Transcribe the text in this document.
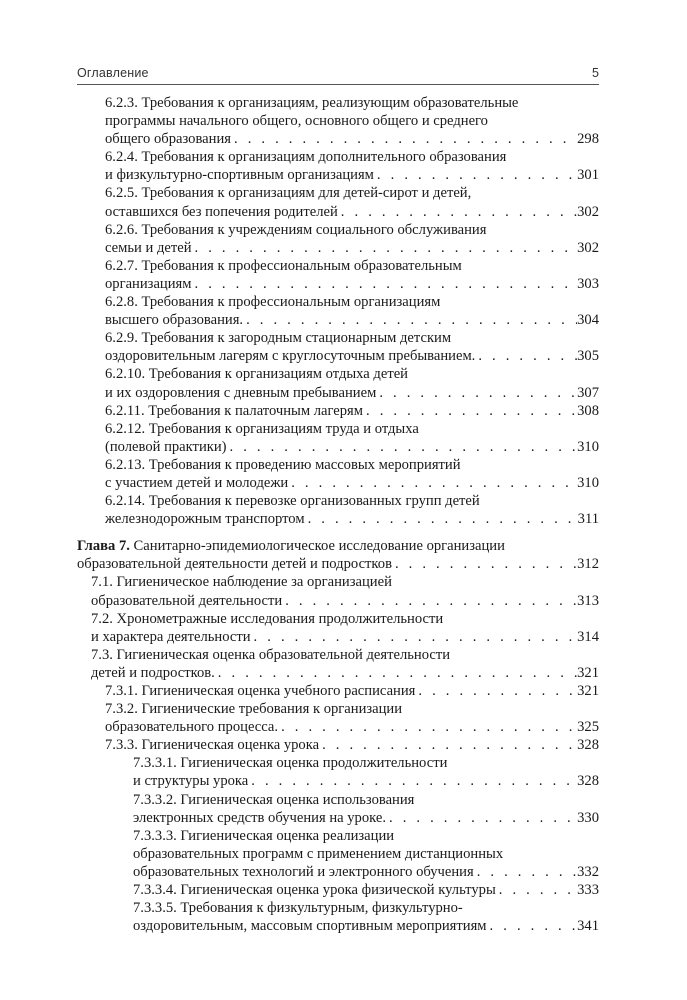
Оглавление	5
6.2.3. Требования к организациям, реализующим образовательные
программы начального общего, основного общего и среднего
общего образования . . .	298
6.2.4. Требования к организациям дополнительного образования
и физкультурно-спортивным организациям . . .	301
6.2.5. Требования к организациям для детей-сирот и детей,
оставшихся без попечения родителей . . .	302
6.2.6. Требования к учреждениям социального обслуживания
семьи и детей . . .	302
6.2.7. Требования к профессиональным образовательным
организациям . . .	303
6.2.8. Требования к профессиональным организациям
высшего образования. . . .	304
6.2.9. Требования к загородным стационарным детским
оздоровительным лагерям с круглосуточным пребыванием. . . .	305
6.2.10. Требования к организациям отдыха детей
и их оздоровления с дневным пребыванием . . .	307
6.2.11. Требования к палаточным лагерям . . .	308
6.2.12. Требования к организациям труда и отдыха
(полевой практики) . . .	310
6.2.13. Требования к проведению массовых мероприятий
с участием детей и молодежи . . .	310
6.2.14. Требования к перевозке организованных групп детей
железнодорожным транспортом . . .	311
Глава 7. Санитарно-эпидемиологическое исследование организации
образовательной деятельности детей и подростков . . .	312
7.1. Гигиеническое наблюдение за организацией
образовательной деятельности . . .	313
7.2. Хронометражные исследования продолжительности
и характера деятельности . . .	314
7.3. Гигиеническая оценка образовательной деятельности
детей и подростков. . . .	321
7.3.1. Гигиеническая оценка учебного расписания . . .	321
7.3.2. Гигиенические требования к организации
образовательного процесса. . . .	325
7.3.3. Гигиеническая оценка урока . . .	328
7.3.3.1. Гигиеническая оценка продолжительности
и структуры урока . . .	328
7.3.3.2. Гигиеническая оценка использования
электронных средств обучения на уроке. . . .	330
7.3.3.3. Гигиеническая оценка реализации
образовательных программ с применением дистанционных
образовательных технологий и электронного обучения . . .	332
7.3.3.4. Гигиеническая оценка урока физической культуры . . .	333
7.3.3.5. Требования к физкультурным, физкультурно-
оздоровительным, массовым спортивным мероприятиям . . .	341
